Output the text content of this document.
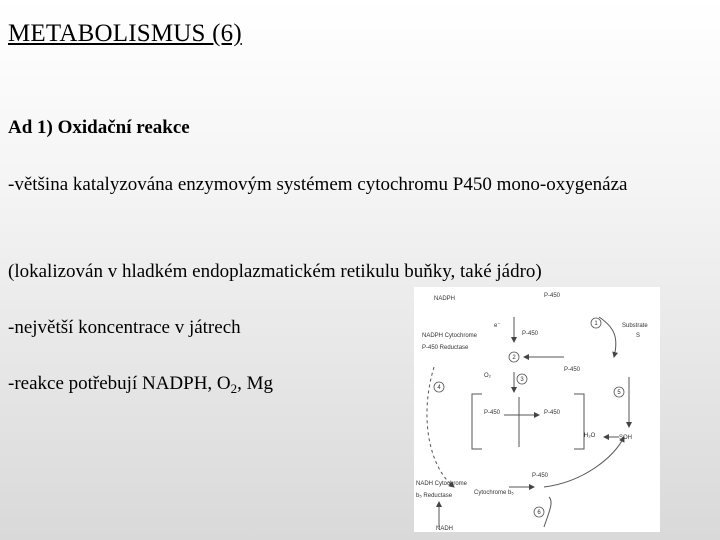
METABOLISMUS (6)
Ad 1) Oxidační reakce
-většina katalyzována enzymovým systémem cytochromu P450 mono-oxygenáza
(lokalizován v hladkém endoplazmatickém retikulu buňky, také jádro)
-největší koncentrace v játrech
-reakce potřebují NADPH, $O_2$, Mg
NADPH
NADPH Cytochrome
P-450 Reductase
P-450
P-450
P-450
Substrate
S
O₂
P-450	P-450
SOH
H₂O
P-450
NADH Cytochrome
b₅ Reductase	Cytochrome b₅
NADH
e⁻	1
2
3
4
5
6
